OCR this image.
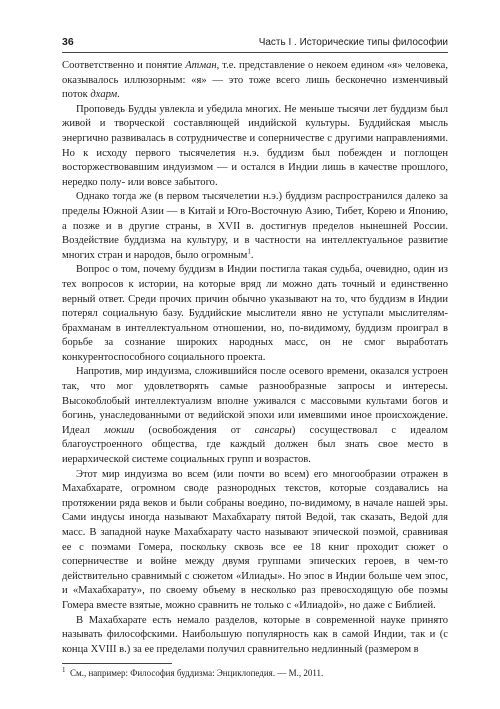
36	Часть I . Исторические типы философии

Соответственно и понятие Атман, т.е. представление о некоем едином «я» человека, оказывалось иллюзорным: «я» — это тоже всего лишь бесконечно изменчивый поток дхарм.

Проповедь Будды увлекла и убедила многих. Не меньше тысячи лет буддизм был живой и творческой составляющей индийской культуры. Буддийская мысль энергично развивалась в сотрудничестве и соперничестве с другими направлениями. Но к исходу первого тысячелетия н.э. буддизм был побежден и поглощен восторжествовавшим индуизмом — и остался в Индии лишь в качестве прошлого, нередко полу- или вовсе забытого.

Однако тогда же (в первом тысячелетии н.э.) буддизм распространился далеко за пределы Южной Азии — в Китай и Юго-Восточную Азию, Тибет, Корею и Японию, а позже и в другие страны, в XVII в. достигнув пределов нынешней России. Воздействие буддизма на культуру, и в частности на интеллектуальное развитие многих стран и народов, было огромным$^1$.

Вопрос о том, почему буддизм в Индии постигла такая судьба, очевидно, один из тех вопросов к истории, на которые вряд ли можно дать точный и единственно верный ответ. Среди прочих причин обычно указывают на то, что буддизм в Индии потерял социальную базу. Буддийские мыслители явно не уступали мыслителям-брахманам в интеллектуальном отношении, но, по-видимому, буддизм проиграл в борьбе за сознание широких народных масс, он не смог выработать конкурентоспособного социального проекта.

Напротив, мир индуизма, сложившийся после осевого времени, оказался устроен так, что мог удовлетворять самые разнообразные запросы и интересы. Высокоблобый интеллектуализм вполне уживался с массовыми культами богов и богинь, унаследованными от ведийской эпохи или имевшими иное происхождение. Идеал мокши (освобождения от сансары) сосуществовал с идеалом благоустроенного общества, где каждый должен был знать свое место в иерархической системе социальных групп и возрастов.

Этот мир индуизма во всем (или почти во всем) его многообразии отражен в Махабхарате, огромном своде разнородных текстов, которые создавались на протяжении ряда веков и были собраны воедино, по-видимому, в начале нашей эры. Сами индусы иногда называют Махабхарату пятой Ведой, так сказать, Ведой для масс. В западной науке Махабхарату часто называют эпической поэмой, сравнивая ее с поэмами Гомера, поскольку сквозь все ее 18 книг проходит сюжет о соперничестве и войне между двумя группами эпических героев, в чем-то действительно сравнимый с сюжетом «Илиады». Но эпос в Индии больше чем эпос, и «Махабхарату», по своему объему в несколько раз превосходящую обе поэмы Гомера вместе взятые, можно сравнить не только с «Илиадой», но даже с Библией.

В Махабхарате есть немало разделов, которые в современной науке принято называть философскими. Наибольшую популярность как в самой Индии, так и (с конца XVIII в.) за ее пределами получил сравнительно недлинный (размером в

$^1$ См., например: Философия буддизма: Энциклопедия. — М., 2011.
